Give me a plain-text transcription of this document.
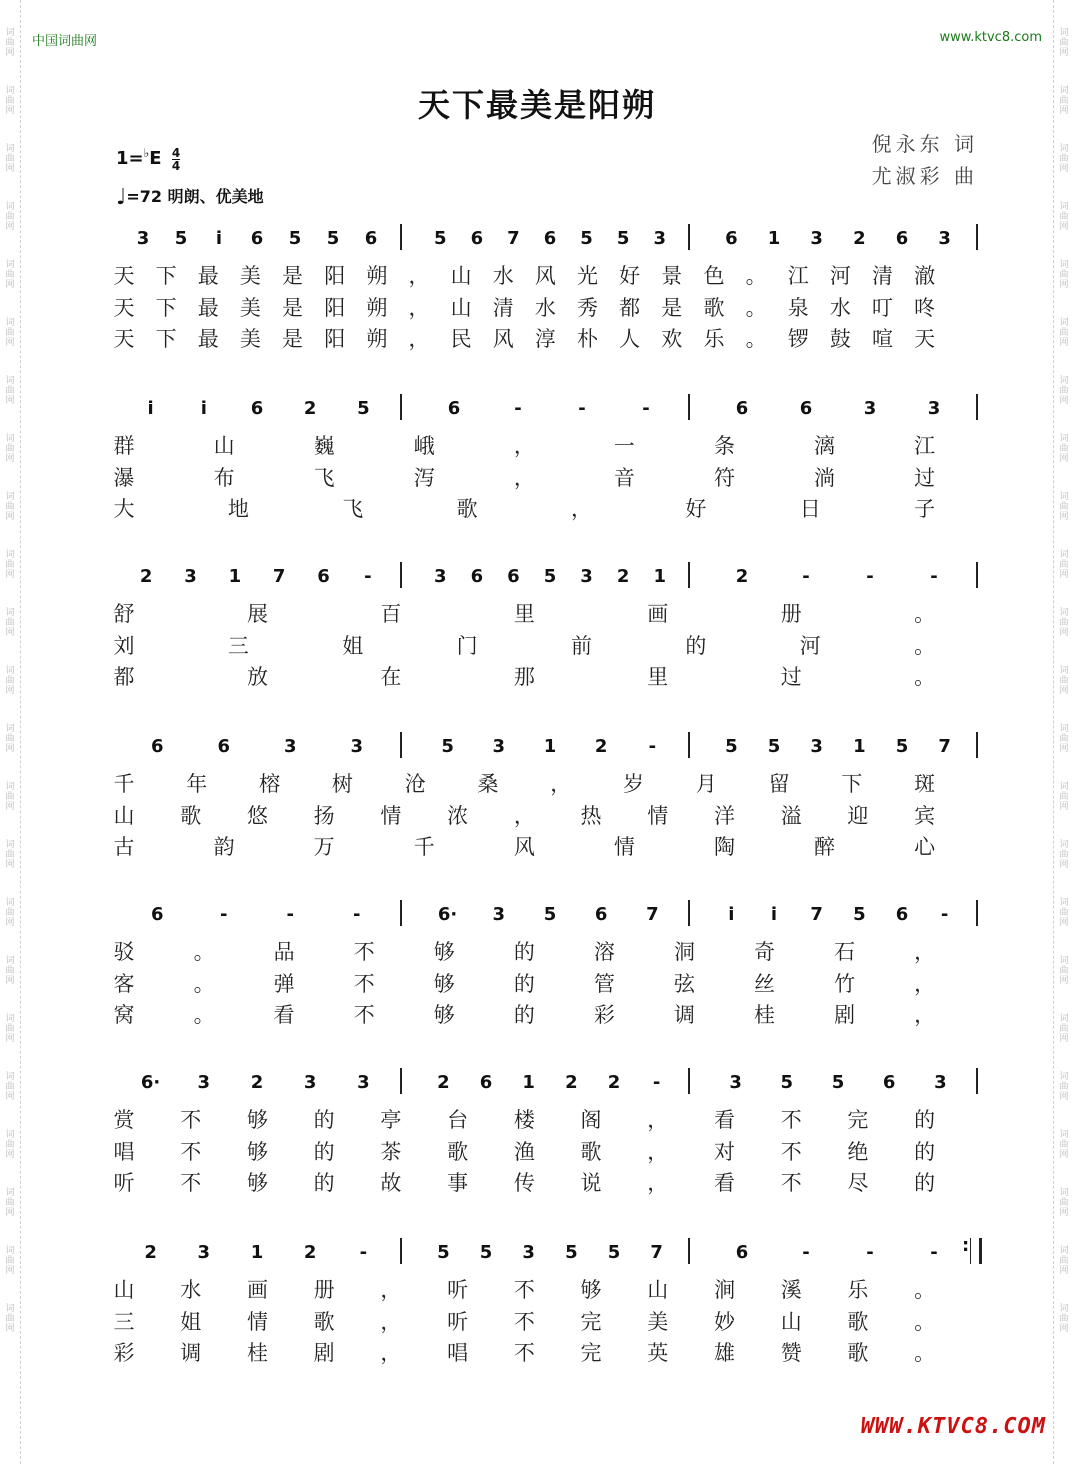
词
曲
网
词
曲
网
词
曲
网
词
曲
网
词
曲
网
词
曲
网
词
曲
网
词
曲
网
词
曲
网
词
曲
网
词
曲
网
词
曲
网
词
曲
网
词
曲
网
词
曲
网
词
曲
网
词
曲
网
词
曲
网
词
曲
网
词
曲
网
词
曲
网
词
曲
网
词
曲
网
词
曲
网
词
曲
网
词
曲
网
词
曲
网
词
曲
网
词
曲
网
词
曲
网
词
曲
网
词
曲
网
词
曲
网
词
曲
网
词
曲
网
词
曲
网
词
曲
网
词
曲
网
词
曲
网
词
曲
网
词
曲
网
词
曲
网
词
曲
网
词
曲
网
词
曲
网
词
曲
网
中国词曲网	www.ktvc8.com
天下最美是阳朔
倪永东 词
尤淑彩 曲
$1=^♭E \frac{4}{4}$
♩=72 明朗、优美地
3 5 i 6 5 5 6	5 6 7 6 5 5 3	6 1 3 2 6 3
天 下 最 美 是 阳 朔 ， 山 水 风 光 好 景 色 。 江 河 清 澈
天 下 最 美 是 阳 朔 ， 山 清 水 秀 都 是 歌 。 泉 水 叮 咚
天 下 最 美 是 阳 朔 ， 民 风 淳 朴 人 欢 乐 。 锣 鼓 喧 天
i	i 6 2 5	6	-	-	-	6	6	3	3
群	山	巍	峨	，	一	条	漓	江
瀑	布	飞	泻	，	音	符	淌	过
大	地	飞	歌	，	好	日	子
2 3 1 7 6 -	3 6 6 5 3 2 1	2	-	-	-
舒	展	百	里	画	册	。
刘	三	姐	门	前	的	河	。
都	放	在	那	里	过	。
6	6	3	3	5 3 1 2 -	5 5 3 1 5 7
千 年 榕 树 沧 桑 ， 岁 月 留 下 斑
山 歌 悠 扬 情 浓 ， 热 情 洋 溢 迎 宾
古	韵	万	千	风	情	陶	醉	心
6	-	-	-	6· 3 5 6 7	i i 7 5 6 -
驳	。	品	不	够	的	溶	洞	奇	石	，
客	。	弹	不	够	的	管	弦	丝	竹	，
窝	。	看	不	够	的	彩	调	桂	剧	，
6· 3 2 3 3	2 6 1 2 2 -	3 5 5 6 3
赏 不 够 的 亭 台 楼 阁 ， 看 不 完 的
唱 不 够 的 茶 歌 渔 歌 ， 对 不 绝 的
听 不 够 的 故 事 传 说 ， 看 不 尽 的
2 3 1 2 -	5 5 3 5 5 7	6	-	-	- :
山 水 画 册 ， 听 不 够 山 涧 溪 乐 。
三 姐 情 歌 ， 听 不 完 美 妙 山 歌 。
彩 调 桂 剧 ， 唱 不 完 英 雄 赞 歌 。
WWW.KTVC8.COM
